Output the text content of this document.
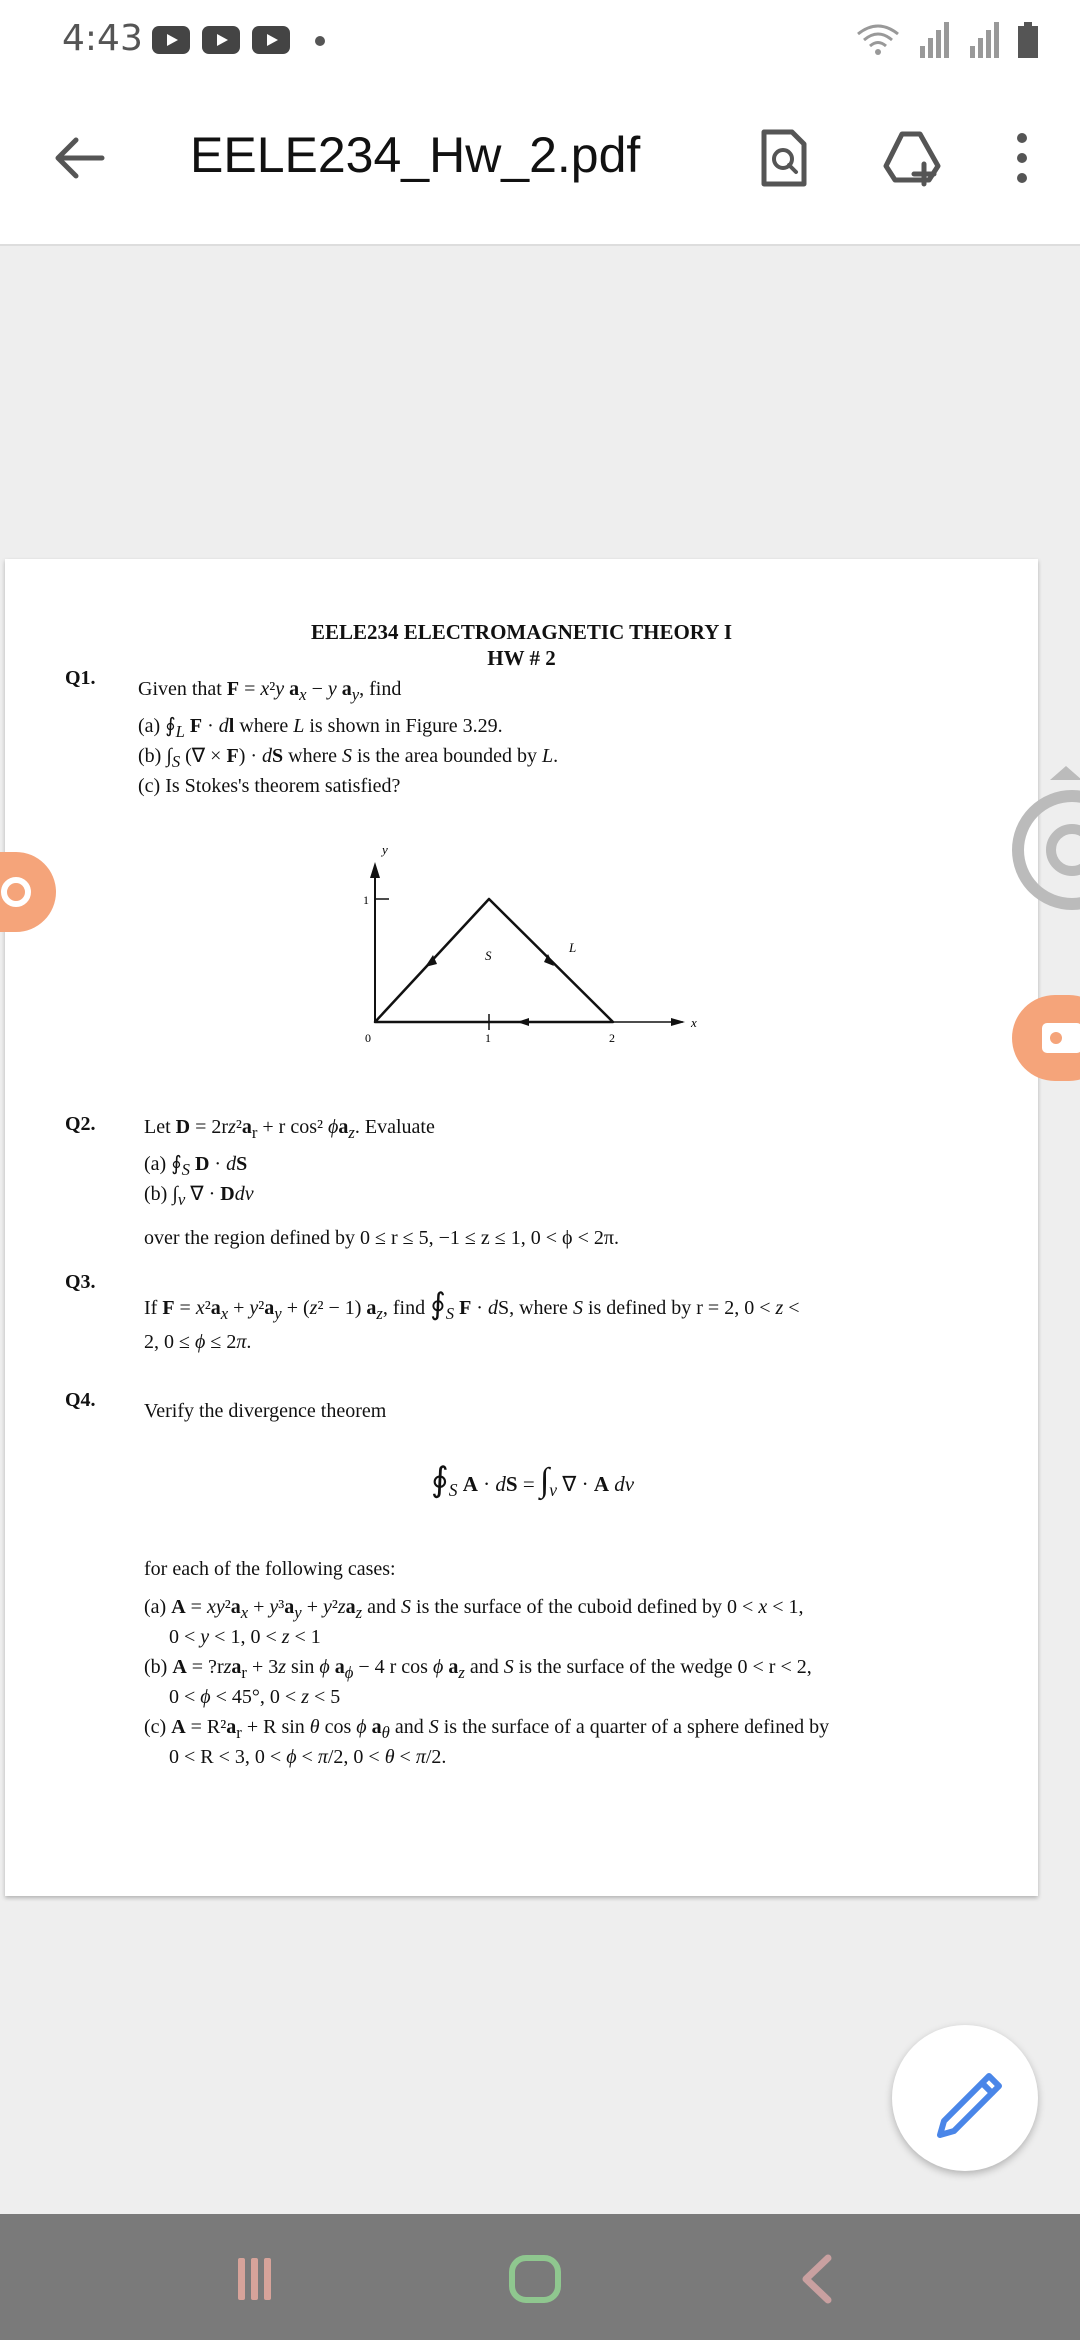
4:43
EELE234_Hw_2.pdf
EELE234 ELECTROMAGNETIC THEORY I
HW # 2
Q1. Given that F = x²y $a_x - y$ $a_y$, find
(a) $∮_L$ F · dl where L is shown in Figure 3.29.
(b) $\int_S$ (∇ × F) · dS where S is the area bounded by L.
(c) Is Stokes's theorem satisfied?
y
x
1
0	1	2
S
L
Q2. Let $D = 2rz^2a_r + r$ cos² $\phi a_z$. Evaluate
(a) $∮_S$ D · dS
(b) $\int_v$ ∇ · Ddv
over the region defined by 0 ≤ r ≤ 5, −1 ≤ z ≤ 1, 0 < ϕ < 2π.
Q3.
If $F = x^2a_x + y^2a_y + (z^2 - 1)$ $a_z$, find $∮_S$ F · dS, where S is defined by r = 2, 0 < z <
2, 0 ≤ ϕ ≤ 2π.
Q4. Verify the divergence theorem
$∮_S$ A · dS = $\int_v$ ∇ · A dv
for each of the following cases:
(a) $A = xy^2a_x + y^3a_y + y^2za_z$ and S is the surface of the cuboid defined by 0 < x < 1,
0 < y < 1, 0 < z < 1
(b) A = ?rza$_r$ + 3z sin ϕ $a_\phi - 4$ r cos ϕ $a_z$ and S is the surface of the wedge 0 < r < 2,
0 < ϕ < 45°, 0 < z < 5
(c) $A = R^2a_r + R$ sin θ cos ϕ $a_\theta$ and S is the surface of a quarter of a sphere defined by
0 < R < 3, 0 < ϕ < π/2, 0 < θ < π/2.
